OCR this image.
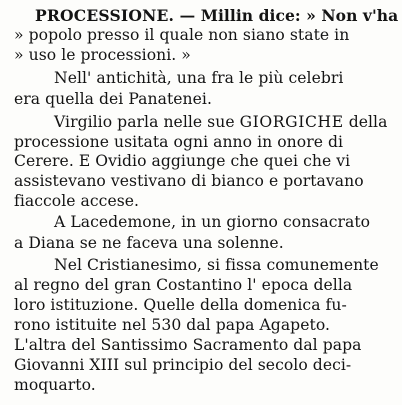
PROCESSIONE. — Millin dice: » Non v'ha

» popolo presso il quale non siano state in

» uso le processioni. »

Nell' antichità, una fra le più celebri

era quella dei Panatenei.

Virgilio parla nelle sue GIORGICHE della

processione usitata ogni anno in onore di

Cerere. E Ovidio aggiunge che quei che vi

assistevano vestivano di bianco e portavano

fiaccole accese.

A Lacedemone, in un giorno consacrato

a Diana se ne faceva una solenne.

Nel Cristianesimo, si fissa comunemente

al regno del gran Costantino l' epoca della

loro istituzione. Quelle della domenica fu-

rono istituite nel 530 dal papa Agapeto.

L'altra del Santissimo Sacramento dal papa

Giovanni XIII sul principio del secolo deci-

moquarto.
